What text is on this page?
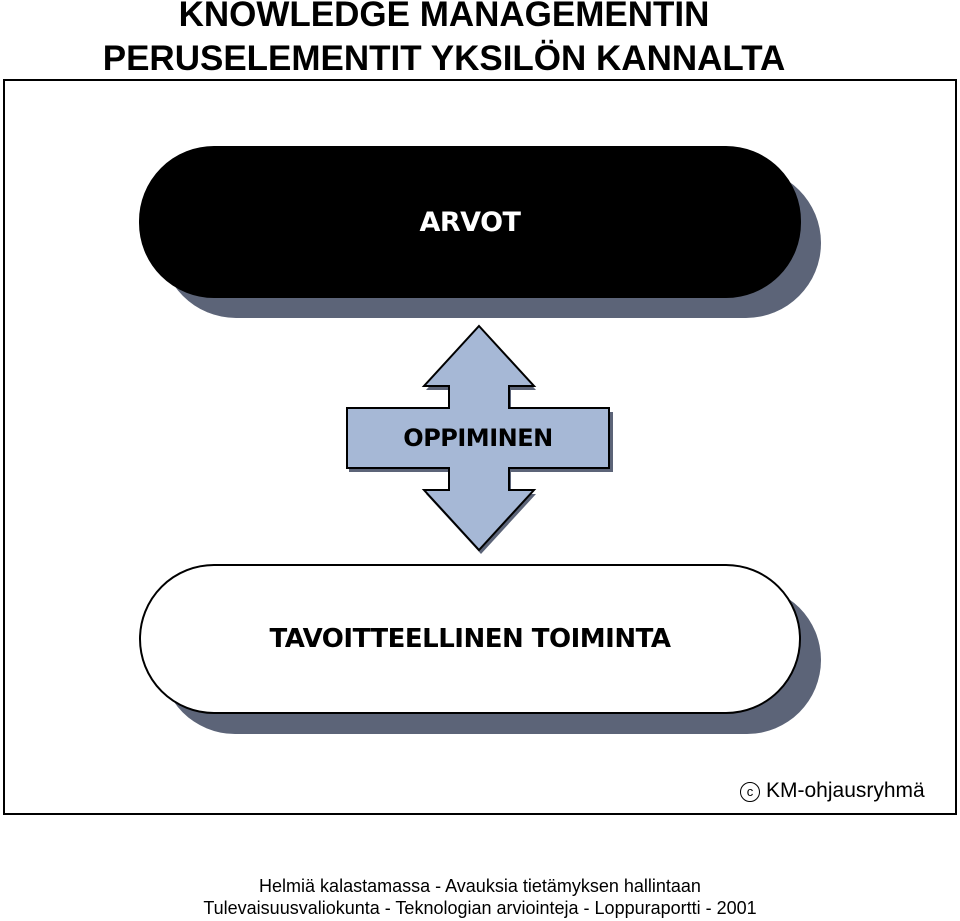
KNOWLEDGE MANAGEMENTIN
PERUSELEMENTIT YKSILÖN KANNALTA
ARVOT
OPPIMINEN
TAVOITTEELLINEN TOIMINTA
c KM-ohjausryhmä
Helmiä kalastamassa - Avauksia tietämyksen hallintaan
Tulevaisuusvaliokunta - Teknologian arviointeja - Loppuraportti - 2001
